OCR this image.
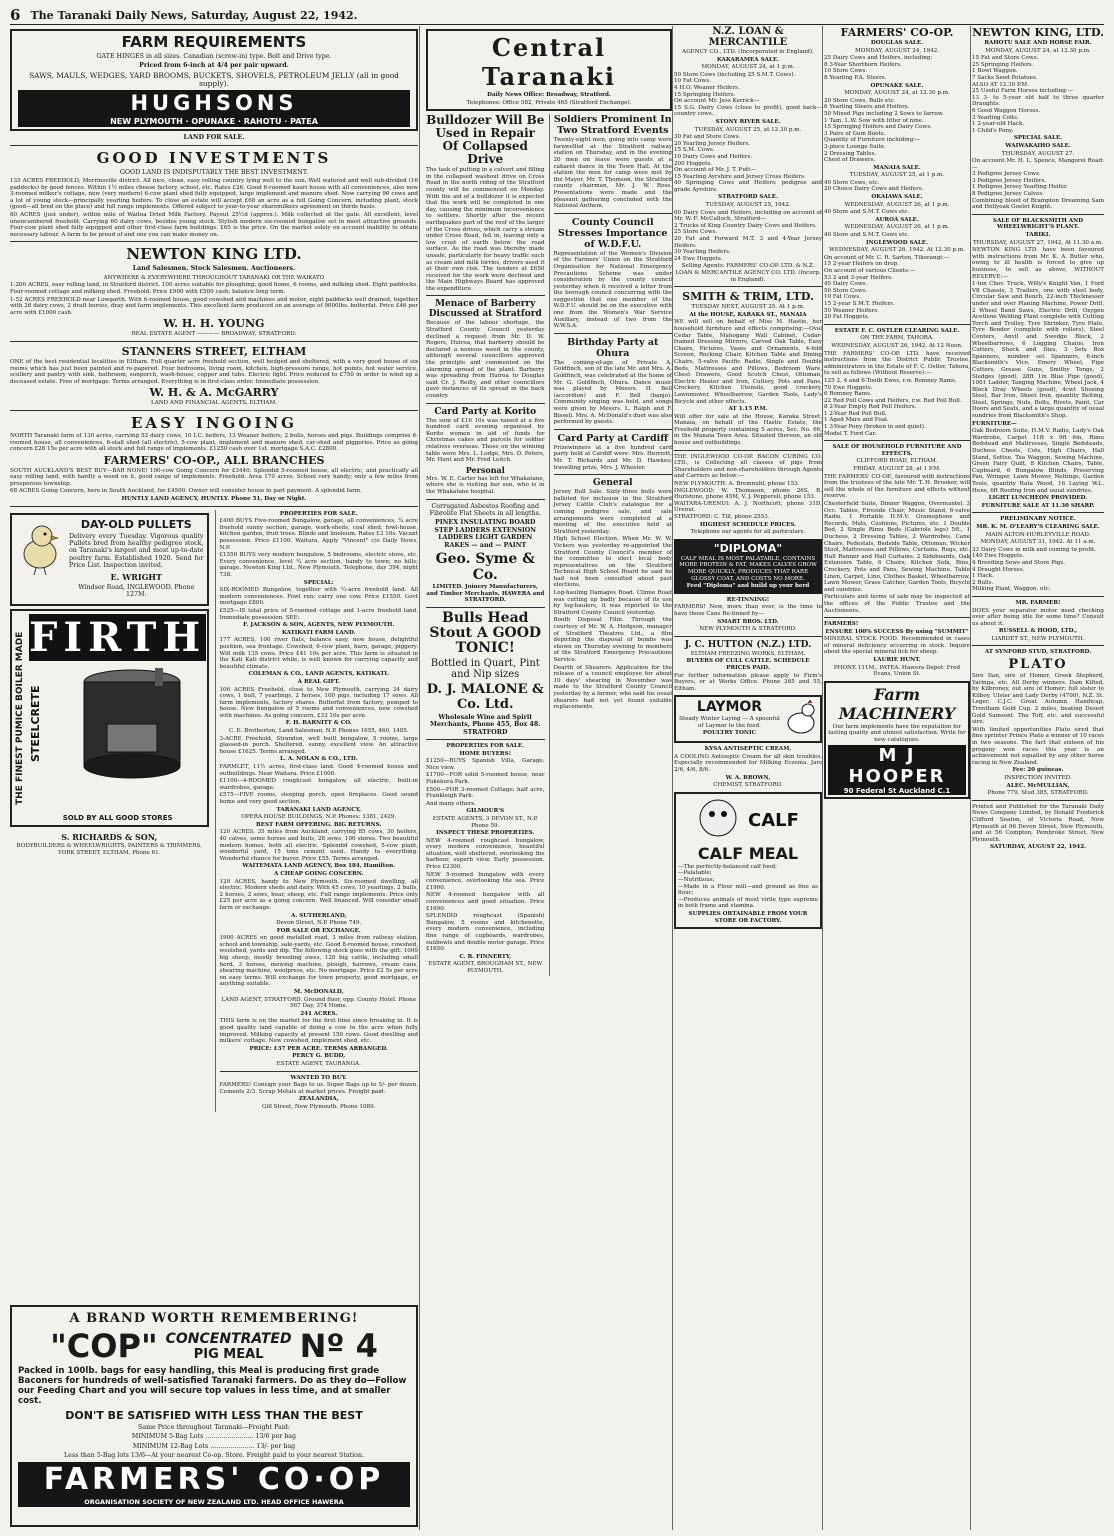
6 The Taranaki Daily News, Saturday, August 22, 1942.
FARM REQUIREMENTS
GATE HINGES in all sizes. Canadian (screw-in) type. Bolt and Drive type.
Priced from 6-inch at 4/4 per pair upward.
SAWS, MAULS, WEDGES, YARD BROOMS, BUCKETS, SHOVELS, PETROLEUM JELLY (all in good supply).
HUGHSONS
NEW PLYMOUTH · OPUNAKE · RAHOTU · PATEA
LAND FOR SALE.
GOOD INVESTMENTS
GOOD LAND IS INDISPUTABLY THE BEST INVESTMENT.
135 ACRES FREEHOLD, Morrinsville district. All nice, clean, easy rolling country lying well to the sun. Well watered and well sub-divided (16 paddocks) by good fences. Within 1½ miles cheese factory, school, etc. Rates £26. Good 6-roomed kauri house with all conveniences, also new 3-roomed milker's cottage, new (very modern) 6-cow plant shed fully equipped, large implement and manure shed. Now carrying 90 cows and a lot of young stock—principally yearling heifers. To close an estate will accept £68 an acre as a full Going Concern, including plant, stock (good—all bred on the place) and full range implements. Offered subject to year-to-year sharemilkers agreement on thirds basis.
80 ACRES (just under), within mile of Waitoa Dried Milk Factory. Payout 25½d (approx.). Milk collected at the gate. All excellent, level unencumbered freehold. Carrying 60 dairy cows, besides young stock. Stylish modern six-roomed bungalow set in most attractive grounds. Four-cow plant shed fully equipped and other first-class farm buildings. £65 is the price. On the market solely on account inability to obtain necessary labour. A farm to be proud of and one you can make money on.
NEWTON KING LTD.
Land Salesmen. Stock Salesmen. Auctioneers.
ANYWHERE & EVERYWHERE THROUGHOUT TARANAKI OR THE WAIKATO
1-200 ACRES, easy rolling land, in Stratford district. 100 acres suitable for ploughing; good home, 6 rooms, and milking shed. Eight paddocks. Four-roomed cottage and milking shed. Freehold. Price £900 with £500 cash; balance long term.
1-52 ACRES FREEHOLD near Lowgarth. With 6-roomed house, good cowshed and machines and motor, eight paddocks well drained, together with 26 dairy cows, 2 draft horses, dray and farm implements. This excellent farm produced on an average of 9000lbs. butterfat. Price £46 per acre with £1000 cash.
W. H. H. YOUNG
REAL ESTATE AGENT ———— BROADWAY, STRATFORD.
STANNERS STREET, ELTHAM
ONE of the best residential localities in Eltham. Full quarter acre freehold section, well hedged and sheltered, with a very good house of six rooms which has just been painted and re-papered. Four bedrooms, living room, kitchen, high-pressure range, hot points, hot water service, scullery and pantry with sink, bathroom, sunporch, wash-house, copper and tubs. Electric light. Price reduced to £750 in order to wind up a deceased estate. Free of mortgage. Terms arranged. Everything is in first-class order. Immediate possession.
W. H. & A. McGARRY
LAND AND FINANCIAL AGENTS, ELTHAM.
EASY INGOING
NORTH Taranaki farm of 130 acres, carrying 52 dairy cows, 10 I.C. heifers, 13 Weaner heifers, 2 bulls, horses and pigs. Buildings comprise 6-roomed house, all conveniences, 6-stall shed (all electric), 5-cow plant, implement and manure shed, car-shed and piggeries. Price as going concern £28 15s per acre with all stock and full range of implements. £1250 cash over 1st. mortgage S.A.C. £2800.
FARMERS' CO-OP., ALL BRANCHES
SOUTH AUCKLAND'S BEST BUY—BAR NONE! 100-cow Going Concern for £3440. Splendid 5-roomed house, all electric, and practically all easy rolling land, with hardly a weed on it, good range of implements. Freehold. Area 170 acres. School very handy; only a few miles from prosperous township.
68 ACRES Going Concern, here in South Auckland, for £4500. Owner will consider house in part payment. A splendid farm.
HUNTLY LAND AGENCY, HUNTLY. Phone 51, Day or Night.
DAY-OLD PULLETS
Delivery every Tuesday. Vigorous quality Pullets bred from healthy pedigree stock, on Taranaki's largest and most up-to-date poultry farm. Established 1920. Send for Price List. Inspection invited.
E. WRIGHT
Windsor Road, INGLEWOOD. Phone 127M.
THE FINEST PUMICE BOILER MADE FIRTH
STEELCRETE
SOLD BY ALL GOOD STORES
S. RICHARDS & SON,
BODYBUILDERS & WHEELWRIGHTS, PAINTERS & TRIMMERS,
YORK STREET, ELTHAM. Phone 61.
PROPERTIES FOR SALE.
£400 BUYS Five-roomed Bungalow, garage, all conveniences, ¼ acre freehold sunny section, garage, work-sheds, coal shed, fowl-house, kitchen garden, fruit trees. Blinds and linoleum. Rates £3 10s. Vacant possession. Price £1100. Waitara, Apply "Vincent" c/o Daily News, N.P.
£1550 BUYS very modern bungalow, 5 bedrooms, electric stove, etc. Every convenience, level ¼ acre section, handy to town; no hills; garage. Newton King Ltd., New Plymouth. Telephone, day 394, night 738.
SPECIAL:
SIX-ROOMED Bungalow, together with ½-acre freehold land. All modern conveniences. Fowl run; carry one cow. Price £1550. Govt mortgage £800.
£525—IS total price of 5-roomed cottage and 1-acre freehold land. Immediate possession. SEE:
F. JACKSON & SON, AGENTS, NEW PLYMOUTH.
KATIKATI FARM LAND.
177 ACRES, 100 river flats, balance easy, new house, delightful position, sea frontage. Cowshed, 6-cow plant, barn, garage, piggery. Will milk 135 cows. Price £41 10s per acre. This farm is situated in the Kati Kati district while, is well known for carrying capacity and beautiful climate.
COLEMAN & CO., LAND AGENTS, KATIKATI.
A REAL GIFT.
106 ACRES Freehold, close to New Plymouth, carrying 34 dairy cows, 1 bull, 7 yearlings, 2 horses, 100 pigs, including 17 sows. All farm implements, factory shares. Butterfat from factory, pumped to house. New bungalow of 5 rooms and conveniences, new cowshed with machines. As going concern, £33 10s per acre.
F. H. BARNITT & CO.
C. E. Bretherton, Land Salesman, N.P. Phones 1655, 460, 1485.
3-ACRE Freehold, Strandon, well built bungalow, 5 rooms, large glassed-in porch. Sheltered, sunny, excellent view. An attractive house £1625. Terms arranged.
L. A. NOLAN & CO., LTD.
FARMLET, 11½ acres, first-class land. Good 4-roomed house and outbuildings. Near Waitara. Price £1000.
£1100—4-ROOMED roughcast bungalow, all electric, built-in wardrobes, garage.
£575—FIVE rooms, sleeping porch, open fireplaces. Good sound home and very good section.
TARANAKI LAND AGENCY,
OPERA HOUSE BUILDINGS, N.P. Phones: 1381, 2429.
BEST FARM OFFERING. BIG RETURNS.
120 ACRES, 35 miles from Auckland, carrying 85 cows, 30 heifers, 40 calves, some horses and bulls, 28 sows, 100 stores. Two beautiful modern homes, both all electric. Splendid cowshed, 5-cow plant, wonderful yard, 15 tons cement used. Handy to everything. Wonderful chance for buyer. Price £55. Terms arranged.
WAITEMATA LAND AGENCY, Box 184, Hamilton.
A CHEAP GOING CONCERN.
120 ACRES, handy to New Plymouth. Six-roomed dwelling, all electric. Modern sheds and dairy. With 45 cows, 10 yearlings, 2 bulls, 2 horses, 2 sows, boar, sheep, etc. Full range implements. Price only £25 per acre as a going concern. Well financed. Will consider small farm or exchange.
A. SUTHERLAND,
Devon Street, N.P. Phone 749.
FOR SALE OR EXCHANGE.
1900 ACRES on good metalled road, 3 miles from railway station, school and township, sale-yards, etc. Good 8-roomed house, cowshed, woolshed, yards and dip. The following stock goes with the gift: 1000 big sheep, mostly breeding ewes, 120 big cattle, including small herd, 3 horses, mowing machine, plough, harrows, cream cans, shearing machine, woolpress, etc. No mortgage. Price £2 5s per acre on easy terms. Will exchange for town property, good mortgage, or anything suitable.
M. McDONALD,
LAND AGENT, STRATFORD. Ground floor, opp. County Hotel. Phone 567 Day, 374 Home.
241 ACRES.
THIS farm is on the market for the first time since breaking in. It is good quality land capable of doing a cow to the acre when fully improved. Milking capacity at present 150 cows. Good dwelling and milkers' cottage. New cowshed, implement shed, etc.
PRICE: £37 PER ACRE. TERMS ARRANGED.
PERCY G. BUDD,
ESTATE AGENT, TAURANGA.
WANTED TO BUY.
FARMERS! Consign your Bags to us. Super Bags up to 5/- per dozen. Cements 2/3. Scrap Metals at market prices. Freight paid.
ZEALANDIA,
Gill Street, New Plymouth. Phone 1089.
A BRAND WORTH REMEMBERING!
"COP" CONCENTRATED
PIG MEAL Nº 4
Packed in 100lb. bags for easy handling, this Meal is producing first grade Baconers for hundreds of well-satisfied Taranaki farmers. Do as they do—Follow our Feeding Chart and you will secure top values in less time, and at smaller cost.
DON'T BE SATISFIED WITH LESS THAN THE BEST
Same Price throughout Taranaki—Freight Paid:
MINIMUM 5-Bag Lots ........................ 13/6 per bag
MINIMUM 12-Bag Lots ...................... 13/- per bag
Less than 5-Bag lots 13/6—At your nearest Co-op. Store. Freight paid to your nearest Station.
FARMERS' CO·OP
ORGANISATION SOCIETY OF NEW ZEALAND LTD. HEAD OFFICE HAWERA
Central Taranaki
Daily News Office: Broadway, Stratford.
Telephones: Office 582, Private 465 (Stratford Exchange).
Bulldozer Will Be Used in Repair Of Collapsed Drive
The task of putting in a culvert and filling in the collapsed washout drive on Cross Road in the north riding of the Stratford county will be commenced on Monday. With the aid of a bulldozer it is expected that the work will be completed in one day, causing the minimum inconvenience to settlers. Shortly after the recent earthquakes part of the roof of the larger of the Cross drives, which carry a stream under Cross Road, fell in, leaving only a low crust of earth below the road surface. As the road was thereby made unsafe, particularly for heavy traffic such as cream and milk lorries, drivers used it at their own risk. The tenders at £650 received for the work were declined and the Main Highways Board has approved the expenditure.
Menace of Barberry Discussed at Stratford
Because of the labour shortage, the Stratford County Council yesterday declined a request from Mr. D. W. Rogers, Huiroa, that barberry should be declared a noxious weed in the county, although several councillors approved the principle and commented on the alarming spread of the plant. Barberry was spreading from Huiroa to Douglas said Cr. J. Reilly, and other councillors gave instances of its spread in the back country.
Card Party at Korito
The sum of £16 10s was raised at a five hundred card evening organised by Korito women in aid of funds for Christmas cakes and parcels for soldier relatives overseas. Those on the winning table were Mrs. L. Lodge, Mrs. D. Peters, Mr. Hunt and Mr. Fred Leitch.
Personal
Mrs. W. E. Carter has left for Whakatane, where she is visiting her son, who is in the Whakatane hospital.
Corrugated Asbestos Roofing and Fibrolite Flat Sheets in all lengths.
PINEX INSULATING BOARD STEP LADDERS EXTENSION LADDERS LIGHT GARDEN RAKES — and — PAINT
Geo. Syme & Co.
LIMITED. Joinery Manufacturers, and Timber Merchants, HAWERA and STRATFORD.
Bulls Head Stout A GOOD TONIC!
Bottled in Quart, Pint and Nip sizes
D. J. MALONE & Co. Ltd.
Wholesale Wine and Spirit Merchants, Phone 455, Box 48. STRATFORD
PROPERTIES FOR SALE.
HOME BUYERS!
£1250—BUYS Spanish Villa, Garage. Nice view.
£1700—FOR solid 5-roomed house, near Pukekura Park.
£500—FOR 3-roomed Cottage; half acre, Frankleigh Park.
And many others.
GILMOUR'S
ESTATE AGENTS, 3 DEVON ST., N.P. Phone 59.
INSPECT THESE PROPERTIES.
NEW 4-roomed roughcast bungalow, every modern convenience, beautiful situation, well sheltered, overlooking the harbour, superb view. Early possession. Price £2300.
NEW 5-roomed bungalow with every convenience, overlooking the sea. Price £1900.
NEW 4-roomed bungalow with all conveniences and good situation. Price £1690.
SPLENDID roughcast (Spanish) Bungalow, 5 rooms and kitchenette, every modern convenience, including fine range of cupboards, wardrobes, sunbowls and double motor garage. Price £1650.
C. R. FINNERTY,
ESTATE AGENT, BROUGHAM ST., NEW PLYMOUTH.
Soldiers Prominent In Two Stratford Events
Twenty-eight men, going into camp were farewelled at the Stratford railway station on Thursday, and in the evening 20 men on leave were guests at a cabaret dance in the Town Hall. At the station the men for camp were met by the Mayor, Mr. T. Thomson, the Stratford county chairman, Mr. J. W. Ross. Presentations were made and the pleasant gathering concluded with the National Anthem.
County Council Stresses Importance of W.D.F.U.
Representation of the Women's Division of the Farmers' Union on the Stratford Organisation for National Emergency Precautions Scheme was under consideration by the county council yesterday when it received a letter from the borough council concurring with the suggestion that one member of the W.D.F.U. should be on the executive with one from the Women's War Service Auxiliary, instead of two from the W.W.S.A.
Birthday Party at Ohura
The coming-of-age of Private A. Goldfinch, son of the late Mr. and Mrs. A. Goldfinch, was celebrated at the home of Mr. G. Goldfinch, Ohura. Dance music was played by Messrs. H. Bell (accordion) and F. Bell (banjo). Community singing was held, and songs were given by Messrs. L. Ralph and F. Bissell. Mrs. A. McDonald's duet was also performed by guests.
Card Party at Cardiff
Prizewinners at a five hundred card party held at Cardiff were: Mrs. Herriott, Mr. T. Richards and Mr. D. Hawkes; travelling prize, Mrs. J. Wheeler.
General
Jersey Bull Sale. Sixty-three bulls were balloted for inclusion in the Stratford Jersey Cattle Club's catalogue for a coming pedigree sale, and sale arrangements were completed at a meeting of the executive held at Stratford yesterday.
High School Election. When Mr. W. W. Vickers was yesterday re-appointed the Stratford County Council's member of the committee to elect local body representatives on the Stratford Technical High School Board he said he had not been consulted about past elections.
Log-hauling Damages Road. Climie Road was cutting up badly because of its use by log-haulers, it was reported to the Stratford County Council yesterday.
Booth Disposal Film. Through the courtesy of Mr. W. A. Hodgson, manager of Stratford Theatres Ltd., a film depicting the disposal of bombs was shown on Thursday evening to members of the Stratford Emergency Precautions Service.
Dearth of Shearers. Application for the release of a council employee for about 10 days' shearing in November was made to the Stratford County Council yesterday by a farmer, who said his usual shearers had not yet found suitable replacements.
N.Z. LOAN & MERCANTILE
AGENCY CO., LTD. (Incorporated in England).
KAKARAMEA SALE.
MONDAY, AUGUST 24, at 1 p.m.
50 Store Cows (including 25 S.M.T. Cows).
10 Fat Cows.
4 H.O. Weaner Heifers.
15 Springing Heifers.
On account Mr. Jess Kerrick—
15 S.G. Dairy Cows (close to profit), good back—country cows.
STONY RIVER SALE.
TUESDAY, AUGUST 25, at 12.30 p.m.
30 Fat and Store Cows.
20 Yearling Jersey Heifers.
15 S.M. Cows.
10 Dairy Cows and Heifers.
200 Hoggets.
On account of Mr. J. T. Putt—
15 Yearling Ayrshire and Jersey Cross Heifers.
40 Springing Cows and Heifers; pedigree and grade Ayrshire.
STRATFORD SALE.
TUESDAY, AUGUST 25, 1942.
60 Dairy Cows and Heifers, including on account of Mr. W. F. McCulloch, Stratford—
2 Trucks of King Country Dairy Cows and Heifers.
25 Store Cows.
20 Fat and Forward M.T. 3 and 4-Year Jersey Heifers.
30 Yearling Heifers.
24 Ewe Hoggets.
Selling Agents: FARMERS' CO-OP. LTD. & N.Z. LOAN & MERCANTILE AGENCY CO. LTD. (Incorp. in England).
SMITH & TRIM, LTD.
TUESDAY NEXT, AUGUST 25. At 1 p.m.
At the HOUSE, KARAKA ST., MANAIA
WE will sell on behalf of Miss M. Hastie, her household furniture and effects comprising:—Oval Cedar Table, Mahogany Wall Cabinet, Cedar-framed Dressing Mirrors, Carved Oak Table, Easy Chairs, Pictures, Vases and Ornaments, 4-fold Screen, Rocking Chair, Kitchen Table and Dining Chairs, 5-valve Pacific Radio, Single and Double Beds, Mattresses and Pillows, Bedroom Ware, Chest Drawers, Good Scotch Chest, Ottoman, Electric Heater and Iron, Cutlery, Pots and Pans, Crockery, Kitchen Utensils, good crockery, Lawnmower, Wheelbarrow, Garden Tools, Lady's Bicycle and other effects.
AT 1.15 P.M.
Will offer for sale at the House, Karaka Street, Manaia, on behalf of the Hastie Estate, the Freehold property containing 5 acres, Sec. No. 66, in the Manaia Town Area. Situated thereon, an old house and outbuildings.
THE INGLEWOOD CO-OP. BACON CURING CO. LTD., is Collecting all classes of pigs from Shareholders and non-shareholders through Agents and Carriers as below:—
NEW PLYMOUTH: A. Bremnuhl, phone 153.
INGLEWOOD: W. Thomason, phone 26S, R. Hurlstone, phone 45M, V. J. Pepperell, phone 153.
WAITARA-URENUI: A. J. Northcott, phone 31D, Urenui.
STRATFORD: C. Till, phone 2553.
HIGHEST SCHEDULE PRICES.
Telephone our agents for all particulars.
"DIPLOMA"
CALF MEAL IS MOST PALATABLE, CONTAINS MORE PROTEIN & FAT, MAKES CALVES GROW MORE QUICKLY, PRODUCES THAT RARE GLOSSY COAT, AND COSTS NO MORE.
Feed "Diploma" and build up your herd
RE-TINNING!
FARMERS! Now, more than ever, is the time to have those Cans Re-tinned by—
SMART BROS. LTD.
NEW PLYMOUTH & STRATFORD.
J. C. HUTTON (N.Z.) LTD.
ELTHAM FREEZING WORKS, ELTHAM.
BUYERS OF CULL CATTLE. SCHEDULE PRICES PAID.
For further information please apply to Firm's Buyers, or at Works Office. Phone 265 and 55, Eltham.
LAYMOR
Steady Winter Laying — A spoonful of Laymor to the feed.
POULTRY TONIC
KYSA ANTISEPTIC CREAM.
A COOLING Antiseptic Cream for all skin troubles. Especially recommended for Milking Eczema. Jars 2/6, 4/6, 8/6.
W. A. BROWN,
CHEMIST, STRATFORD.
CALF
CALF MEAL
—The perfectly-balanced calf food;
—Palatable;
—Nutritious;
—Made in a Flour mill—and ground as fine as flour;
—Produces animals of most virile type supreme in both frame and stamina.
SUPPLIES OBTAINABLE FROM YOUR STORE OR FACTORY.
FARMERS' CO-OP.
DOUGLAS SALE.
MONDAY, AUGUST 24, 1942.
25 Dairy Cows and Heifers, including:
8 3-Year Shorthorn Heifers.
10 Store Cows.
8 Yearling P.A. Steers.
OPUNAKE SALE.
MONDAY, AUGUST 24, at 12.30 p.m.
20 Store Cows, Bulls etc.
6 Yearling Steers and Heifers.
50 Mixed Pigs including 2 Sows to farrow.
1 Tam. L.W. Sow with litter of nine.
15 Springing Heifers and Dairy Cows.
3 Pairs of Gum Boots.
Quantity of Furniture including:—
3-piece Lounge Suite.
2 Dressing Tables.
Chest of Drawers.
MANAIA SALE.
TUESDAY, AUGUST 25, at 1 p.m.
40 Store Cows, etc.
20 Choice Dairy Cows and Heifers.
OKAIAWA SALE.
WEDNESDAY, AUGUST 26, at 1 p.m.
40 Store and S.M.T. Cows etc.
AUROA SALE.
WEDNESDAY, AUGUST 26, at 1 p.m.
40 Store and S.M.T. Cows etc.
INGLEWOOD SALE.
WEDNESDAY, AUGUST 26, 1942. At 12.30 p.m.
On account of Mr. C. R. Sarten, Tikorangi:—
15 2-year Heifers on drop.
On account of various Clients:—
53 2 and 3-year Heifers.
45 Dairy Cows.
50 Store Cows.
10 Fat Cows.
15 2-year S.M.T. Heifers.
50 Weaner Heifers.
20 Fat Hoggets.
ESTATE F. C. OSTLER CLEARING SALE.
ON THE FARM, TAHORA.
WEDNESDAY, AUGUST 26, 1942. At 12 Noon.
THE FARMERS' CO-OP. LTD. have received instructions from the District Public Trustee, administrators in the Estate of F. C. Ostler, Tahora, to sell as follows (Without Reserve):—
125 2, 4 and 6-Tooth Ewes, r.w. Romney Rams.
70 Ewe Hoggets.
6 Romney Rams.
22 Red Poll Cows and Heifers, r.w. Red Poll Bull.
8 2-Year Empty Red Poll Heifers.
1 2-Year Red Poll Bull.
1 Aged Mare and Foal.
1 3-Year Pony (broken in and quiet).
Model T. Ford Car.
SALE OF HOUSEHOLD FURNITURE AND EFFECTS.
CLIFFORD ROAD, ELTHAM.
FRIDAY, AUGUST 28, at 1 P.M.
THE FARMERS' CO-OP., favoured with instructions from the trustees of the late Mr. T. H. Brooker, will sell the whole of the furniture and effects without reserve.
Chesterfield Suite, Dinner Waggon, Overmantel, 3 Occ. Tables, Fireside Chair, Music Stand, 6-valve Radio, 1 Portable H.M.V. Gramophone and Records, Mats, Cushions, Pictures, etc. 1 Double Bed, 2 Single Rimu Beds (Cabriole legs) 5ft., 1 Duchess, 2 Dressing Tables, 2 Wardrobes, Cane Chairs, Pedestals, Bedside Table, Ottoman, Wicker Stool, Mattresses and Pillows, Curtains, Rugs, etc. Hall Runner and Hall Curtains. 2 Sideboards, Oak Extension Table, 6 Chairs, Kitchen Sofa, Bins, Crockery, Pots and Pans, Sewing Machine, Table Linen, Carpet, Lino, Clothes Basket, Wheelbarrow, Lawn Mower, Grass Catcher, Garden Tools, Bicycle and sundries.
Particulars and terms of sale may be inspected at the offices of the Public Trustee and the Auctioneers.
FARMERS!
ENSURE 100% SUCCESS By using "SUMMIT"
MINERAL STOCK FOOD. Recommended in cases of mineral deficiency occurring in stock. Inquire about the special mineral lick for sheep.
LAURIE HUNT.
PHONE 111M., PATEA. Hawera Depot: Fred Evans, Union St.
Farm MACHINERY
Our farm implements have the reputation for lasting quality and utmost satisfaction. Write for new catalogues.
M J HOOPER
90 Federal St Auckland C.1
NEWTON KING, LTD.
RAHOTU SALE AND HORSE FAIR.
MONDAY, AUGUST 24, at 12.30 p.m.
15 Fat and Store Cows.
25 Springing Heifers.
1 Bowl Waggon.
7 Sacks Seed Potatoes.
ALSO AT 12.30 P.M.
25 Useful Farm Horses including:—
13 3- to 5-year old half to three quarter Draughts.
6 Good Waggon Horses.
3 Yearling Colts.
1 2-year-old Hack.
1 Child's Pony.
SPECIAL SALE.
WAIWAKAIHO SALE.
THURSDAY, AUGUST 27.
On account Mr. H. L. Spence, Mangorei Road:—
3 Pedigree Jersey Cows.
3 Pedigree Jersey Heifers.
1 Pedigree Jersey Yearling Heifer.
8 Pedigree Jersey Calves.
Combining blood of Brampton Dreaming Sam and Hollyoak Goelet Knight.
SALE OF BLACKSMITH AND WHEELWRIGHT'S PLANT.
TARIKI.
THURSDAY, AUGUST 27, 1942, At 11.30 a.m.
NEWTON KING LTD. have been favoured with instructions from Mr. K. A. Butler who, owing to ill health is forced to give up business, to sell as above, WITHOUT RESERVE:—
1-ton Chev. Truck, Willy's Knight Van, 1 Ford V8 Chassis, 3 Trailers, one with steel body, Circular Saw and Bench, 22-inch Thicknesser under and over Planing Machine, Power Drill, 2 Wheel Band Saws, Electric Drill, Oxygen Acetlene Welding Plant complete with Cutting Torch and Trolley, Tyre Shrinker, Tyre Plate, Tyre Bender (complete with rollers), Steel Centers, Anvil and Swedge Block, 2 Wheelbarrows, 6 Logging Chains, Iron Cutters, Shock and Dies, 3 Sets Box Spanners, number set Spanners, 6-inch Blacksmith's Vice, Emery Wheel, Pipe Cutters, Grease Guns, Smithy Tongs, 2 Sledges (good), 28ft 1in Blue Pipe (good), 1001 Ladder, Tanging Machine, Wheel Jack, 4 Block Dray Wheels (good), 4cwt Shoeing Steel, Bar Iron, Sheet Iron, quantity Belting, Steel, Springs, Nuts, Bolts, Rivets, Paint, Car Doors and Seats, and a large quantity of usual sundries from Blacksmith's Shop.
FURNITURE—
Oak Bedroom Suite, H.M.V. Radio, Lady's Oak Wardrobe, Carpet 11ft x 9ft 6in, Rimu Bedstead and Mattresses, Single Bedsteads, Duchess Chests, Cots, High Chairs, Hall Stand, Settee, Tea Waggon, Sewing Machine, Green Fairy Quilt, 8 Kitchen Chairs, Table, Cupboard, 6 Bungalow Blinds, Preserving Pan, Wringer, Lawn Mower, Nettings, Garden Tools, quantity Rata Wood, 16 Laying W.L. Hens, 6ft Roofing Iron and usual sundries.
LIGHT LUNCHEON PROVIDED.
FURNITURE SALE AT 11.30 SHARP.
PRELIMINARY NOTICE.
MR. K. M. O'LEARY'S CLEARING SALE.
MAIN ALTON-HURLEYVILLE ROAD.
MONDAY, AUGUST 31, 1942. At 11 a.m.
33 Dairy Cows in milk and coming to profit.
140 Ewe Hoggets.
4 Breeding Sows and Store Pigs.
4 Draught Horses.
1 Hack.
2 Bulls.
Milking Plant, Waggon, etc.
MR. FARMER!
DOES your separator motor need checking over after being idle for some time? Consult us about it.
RUSSELL & HOOD, LTD.,
LIARDET ST., NEW PLYMOUTH.
AT SYNFORD STUD, STRATFORD.
PLATO
Sire Ilan, sire of Homer, Greek Stepherd, Yaringa, etc. All Derby winners. Dam Kilted, by Kilbroney, out sire of Homer; full sister to Kilboy, Ulster and Lady Derby (4700), N.Z. St. Leger, C.J.C. Great Autumn Handicap, Trentham Gold Cup, 2 miles, beating Desert Gold Samsont. The Toff, etc. and successful sire.
With limited opportunities Plato sired that fine sprinter Prince Plato a winner of 10 races in two seasons. The fact that sixteen of his progeny won races this year is an achievement not equalled by any other horse racing in New Zealand.
Fee: 20 guineas.
INSPECTION INVITED.
ALEC. McMULLIAN,
Phone 779, Stud 385, STRATFORD.
Printed and Published for the Taranaki Daily News Company Limited, by Donald Frederick Clifford Seaton, of Victoria Road, New Plymouth at 96 Devon Street, New Plymouth, and at 56 Compton, Pembroke Street, New Plymouth.
SATURDAY, AUGUST 22, 1942.
